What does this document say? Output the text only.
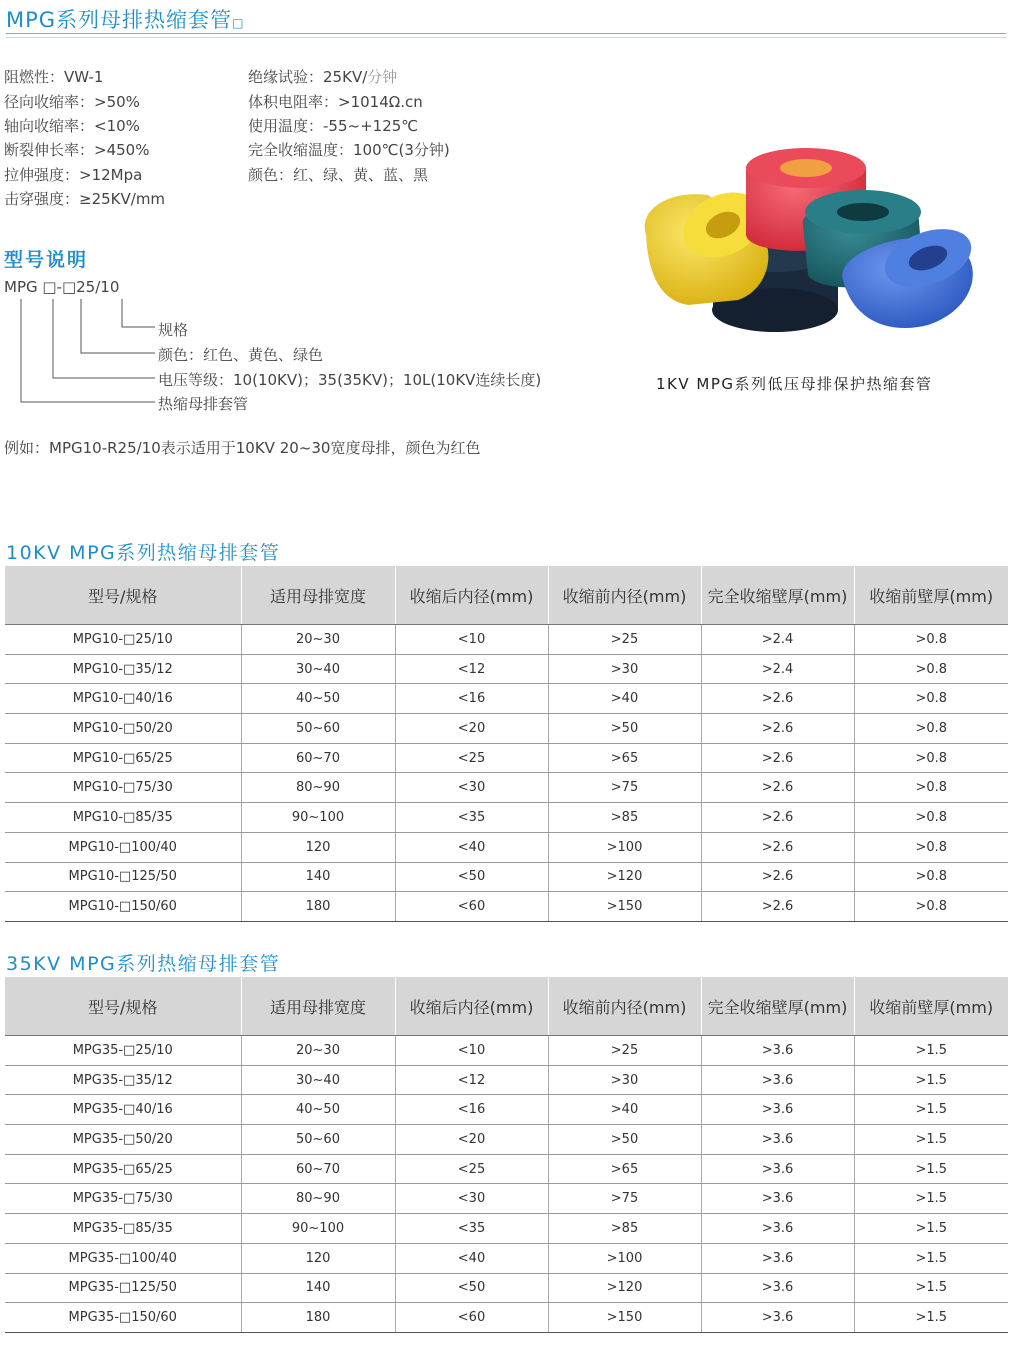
MPG系列母排热缩套管□
阻燃性：VW-1
径向收缩率：>50%
轴向收缩率：<10%
断裂伸长率：>450%
拉伸强度：>12Mpa
击穿强度：≥25KV/mm
绝缘试验：25KV/分钟
体积电阻率：>1014Ω.cn
使用温度：-55~+125℃
完全收缩温度：100℃(3分钟)
颜色：红、绿、黄、蓝、黑
型号说明
MPG □-□25/10
规格
颜色：红色、黄色、绿色
电压等级：10(10KV)；35(35KV)；10L(10KV连续长度)
热缩母排套管
例如：MPG10-R25/10表示适用于10KV 20~30宽度母排，颜色为红色
1KV MPG系列低压母排保护热缩套管
10KV MPG系列热缩母排套管
型号/规格	适用母排宽度	收缩后内径(mm)	收缩前内径(mm)	完全收缩壁厚(mm)	收缩前壁厚(mm)
MPG10-□25/10	20~30	<10	>25	>2.4	>0.8
MPG10-□35/12	30~40	<12	>30	>2.4	>0.8
MPG10-□40/16	40~50	<16	>40	>2.6	>0.8
MPG10-□50/20	50~60	<20	>50	>2.6	>0.8
MPG10-□65/25	60~70	<25	>65	>2.6	>0.8
MPG10-□75/30	80~90	<30	>75	>2.6	>0.8
MPG10-□85/35	90~100	<35	>85	>2.6	>0.8
MPG10-□100/40	120	<40	>100	>2.6	>0.8
MPG10-□125/50	140	<50	>120	>2.6	>0.8
MPG10-□150/60	180	<60	>150	>2.6	>0.8
35KV MPG系列热缩母排套管
型号/规格	适用母排宽度	收缩后内径(mm)	收缩前内径(mm)	完全收缩壁厚(mm)	收缩前壁厚(mm)
MPG35-□25/10	20~30	<10	>25	>3.6	>1.5
MPG35-□35/12	30~40	<12	>30	>3.6	>1.5
MPG35-□40/16	40~50	<16	>40	>3.6	>1.5
MPG35-□50/20	50~60	<20	>50	>3.6	>1.5
MPG35-□65/25	60~70	<25	>65	>3.6	>1.5
MPG35-□75/30	80~90	<30	>75	>3.6	>1.5
MPG35-□85/35	90~100	<35	>85	>3.6	>1.5
MPG35-□100/40	120	<40	>100	>3.6	>1.5
MPG35-□125/50	140	<50	>120	>3.6	>1.5
MPG35-□150/60	180	<60	>150	>3.6	>1.5
